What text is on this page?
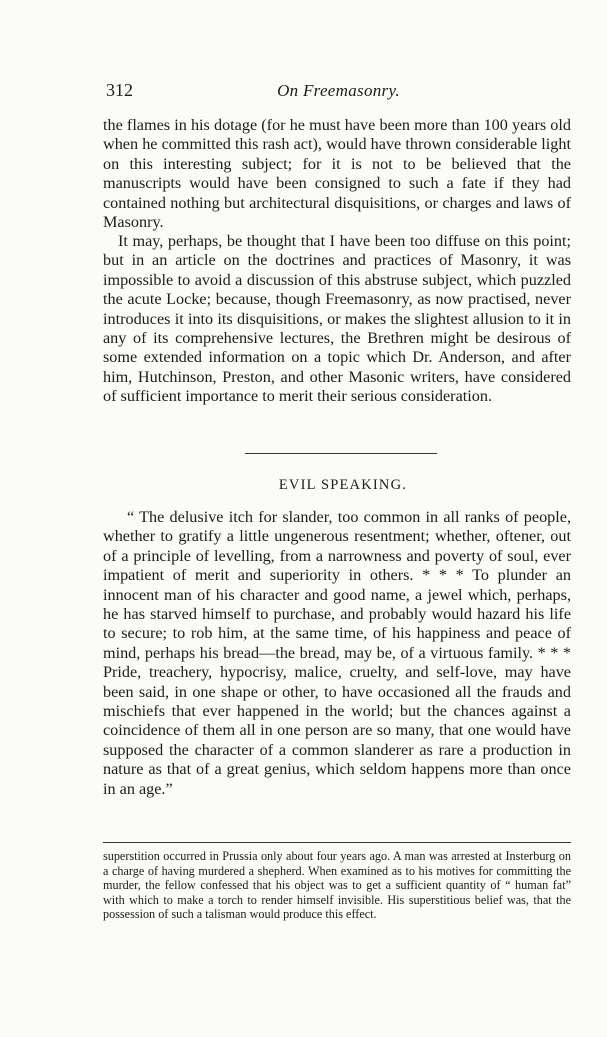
312	On Freemasonry.

the flames in his dotage (for he must have been more than 100 years old when he committed this rash act), would have thrown considerable light on this interesting subject; for it is not to be believed that the manuscripts would have been consigned to such a fate if they had contained nothing but architectural disquisitions, or charges and laws of Masonry.

It may, perhaps, be thought that I have been too diffuse on this point; but in an article on the doctrines and practices of Masonry, it was impossible to avoid a discussion of this abstruse subject, which puzzled the acute Locke; because, though Freemasonry, as now practised, never introduces it into its disquisitions, or makes the slightest allusion to it in any of its comprehensive lectures, the Brethren might be desirous of some extended information on a topic which Dr. Anderson, and after him, Hutchinson, Preston, and other Masonic writers, have considered of sufficient importance to merit their serious consideration.

EVIL SPEAKING.

“ The delusive itch for slander, too common in all ranks of people, whether to gratify a little ungenerous resentment; whether, oftener, out of a principle of levelling, from a narrowness and poverty of soul, ever impatient of merit and superiority in others. * * * To plunder an innocent man of his character and good name, a jewel which, perhaps, he has starved himself to purchase, and probably would hazard his life to secure; to rob him, at the same time, of his happiness and peace of mind, perhaps his bread—the bread, may be, of a virtuous family. * * * Pride, treachery, hypocrisy, malice, cruelty, and self-love, may have been said, in one shape or other, to have occasioned all the frauds and mischiefs that ever happened in the world; but the chances against a coincidence of them all in one person are so many, that one would have supposed the character of a common slanderer as rare a production in nature as that of a great genius, which seldom happens more than once in an age.”

superstition occurred in Prussia only about four years ago. A man was arrested at Insterburg on a charge of having murdered a shepherd. When examined as to his motives for committing the murder, the fellow confessed that his object was to get a sufficient quantity of “ human fat” with which to make a torch to render himself invisible. His superstitious belief was, that the possession of such a talisman would produce this effect.
